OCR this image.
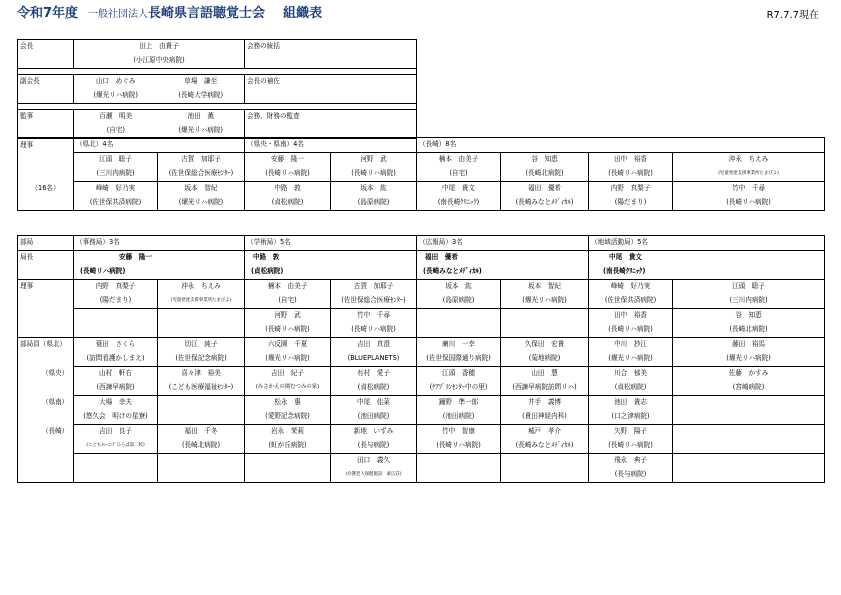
令和7年度 一般社団法人長崎県言語聴覚士会 組織表	R7.7.7現在
会長	田上　由貴子		会務の統括
	(小江原中央病院)		

副会長	山口　めぐみ	草場　謙至	会長の補佐
	(燿光リハ病院)	(長崎大学病院)	

監事	百瀬　明美	池田　薫	会務、財務の監査
	(自宅)	(燿光リハ病院)	
理事	（県北）4名		（県央・県南）4名		（長崎）8名			
	江頭　聡子	古賀　加耶子	安藤　隆一	河野　武	楠本　由美子	谷　知恵	田中　裕香	沖永　ちえみ
	(三川内病院)	(佐世保総合医療ｾﾝﾀｰ)	(長崎リハ病院)	(長崎リハ病院)	(自宅)	(長崎北病院)	(長崎リハ病院)	(児童発達支援事業所たまびよ)
（16名）	峰崎　好乃実	坂本　智紀	中路　敦	坂本　紘	中尾　貴文	福田　優希	内野　真梨子	竹中　千尋
	(佐世保共済病院)	(燿光リハ病院)	(貞松病院)	(島原病院)	(南長崎ｸﾘﾆｯｸ)	(長崎みなとﾒﾃﾞｨｶﾙ)	(陽だまり)	(長崎リハ病院)
部局	（事務局）3名		（学術局）5名		（広報局）3名		（地域活動局）5名	
局長	安藤　隆一		中路　敦		福田　優希		中尾　貴文	
	(長崎リハ病院)		(貞松病院)		(長崎みなとﾒﾃﾞｨｶﾙ)		(南長崎ｸﾘﾆｯｸ)	
理事	内野　真梨子	沖永　ちえみ	楠本　由美子	古賀　加耶子	坂本　紘	坂本　智紀	峰崎　好乃実	江頭　聡子
	(陽だまり)	(児童発達支援事業所たまびよ)	(自宅)	(佐世保総合医療ｾﾝﾀｰ)	(島原病院)	(燿光リハ病院)	(佐世保共済病院)	(三川内病院)
			河野　武	竹中　千尋			田中　裕香	谷　知恵
			(長崎リハ病院)	(長崎リハ病院)			(長崎リハ病院)	(長崎北病院)
部局員（県北）	蓑田　さくら	切江　純子	六反園　千夏	吉田　真澄	廣川　一幸	久保田　宏貴	中川　抄江	藤田　裕馬
	(訪問看護かしまえ)	(佐世保記念病院)	(燿光リハ病院)	(BLUEPLANETS)	(佐世保国際通り病院)	(菊地病院)	(燿光リハ病院)	(燿光リハ病院)
（県央）	山村　軒右	喜々津　裕美	吉田　紀子	有村　愛子	江頭　香穂	山田　慧	川合　郁美	佐藤　かすみ
	(西諫早病院)	(こども医療福祉ｾﾝﾀｰ)	(みさかえの園むつみの家)	(貞松病院)	(ｹｱﾌﾞﾗﾝｾﾝﾀｰ中の里)	(西諫早病院訪問リハ)	(貞松病院)	(宮崎病院)
（県南）	大場　幸夫		松永　惠	中尾　佳菜	鐘野　準一郎	井手　義博	池田　貴志	
	(悠久会　明けの星寮)		(愛野記念病院)	(池田病院)	(池田病院)	(貴田神経内科)	(口之津病院)	
（長崎）	吉田　良子	福田　千冬	岩永　茉莉	新地　いずみ	竹中　智康	城戸　孝介	矢野　陽子	
	(こどもﾄﾚｰﾆﾝｸﾞひろば第二校)	(長崎北病院)	(虹が丘病院)	(長与病院)	(長崎リハ病院)	(長崎みなとﾒﾃﾞｨｶﾙ)	(長崎リハ病院)	
				田口　義久			飛永　典子	
				(介護老人保健施設　素広荘)			(長与病院)	
